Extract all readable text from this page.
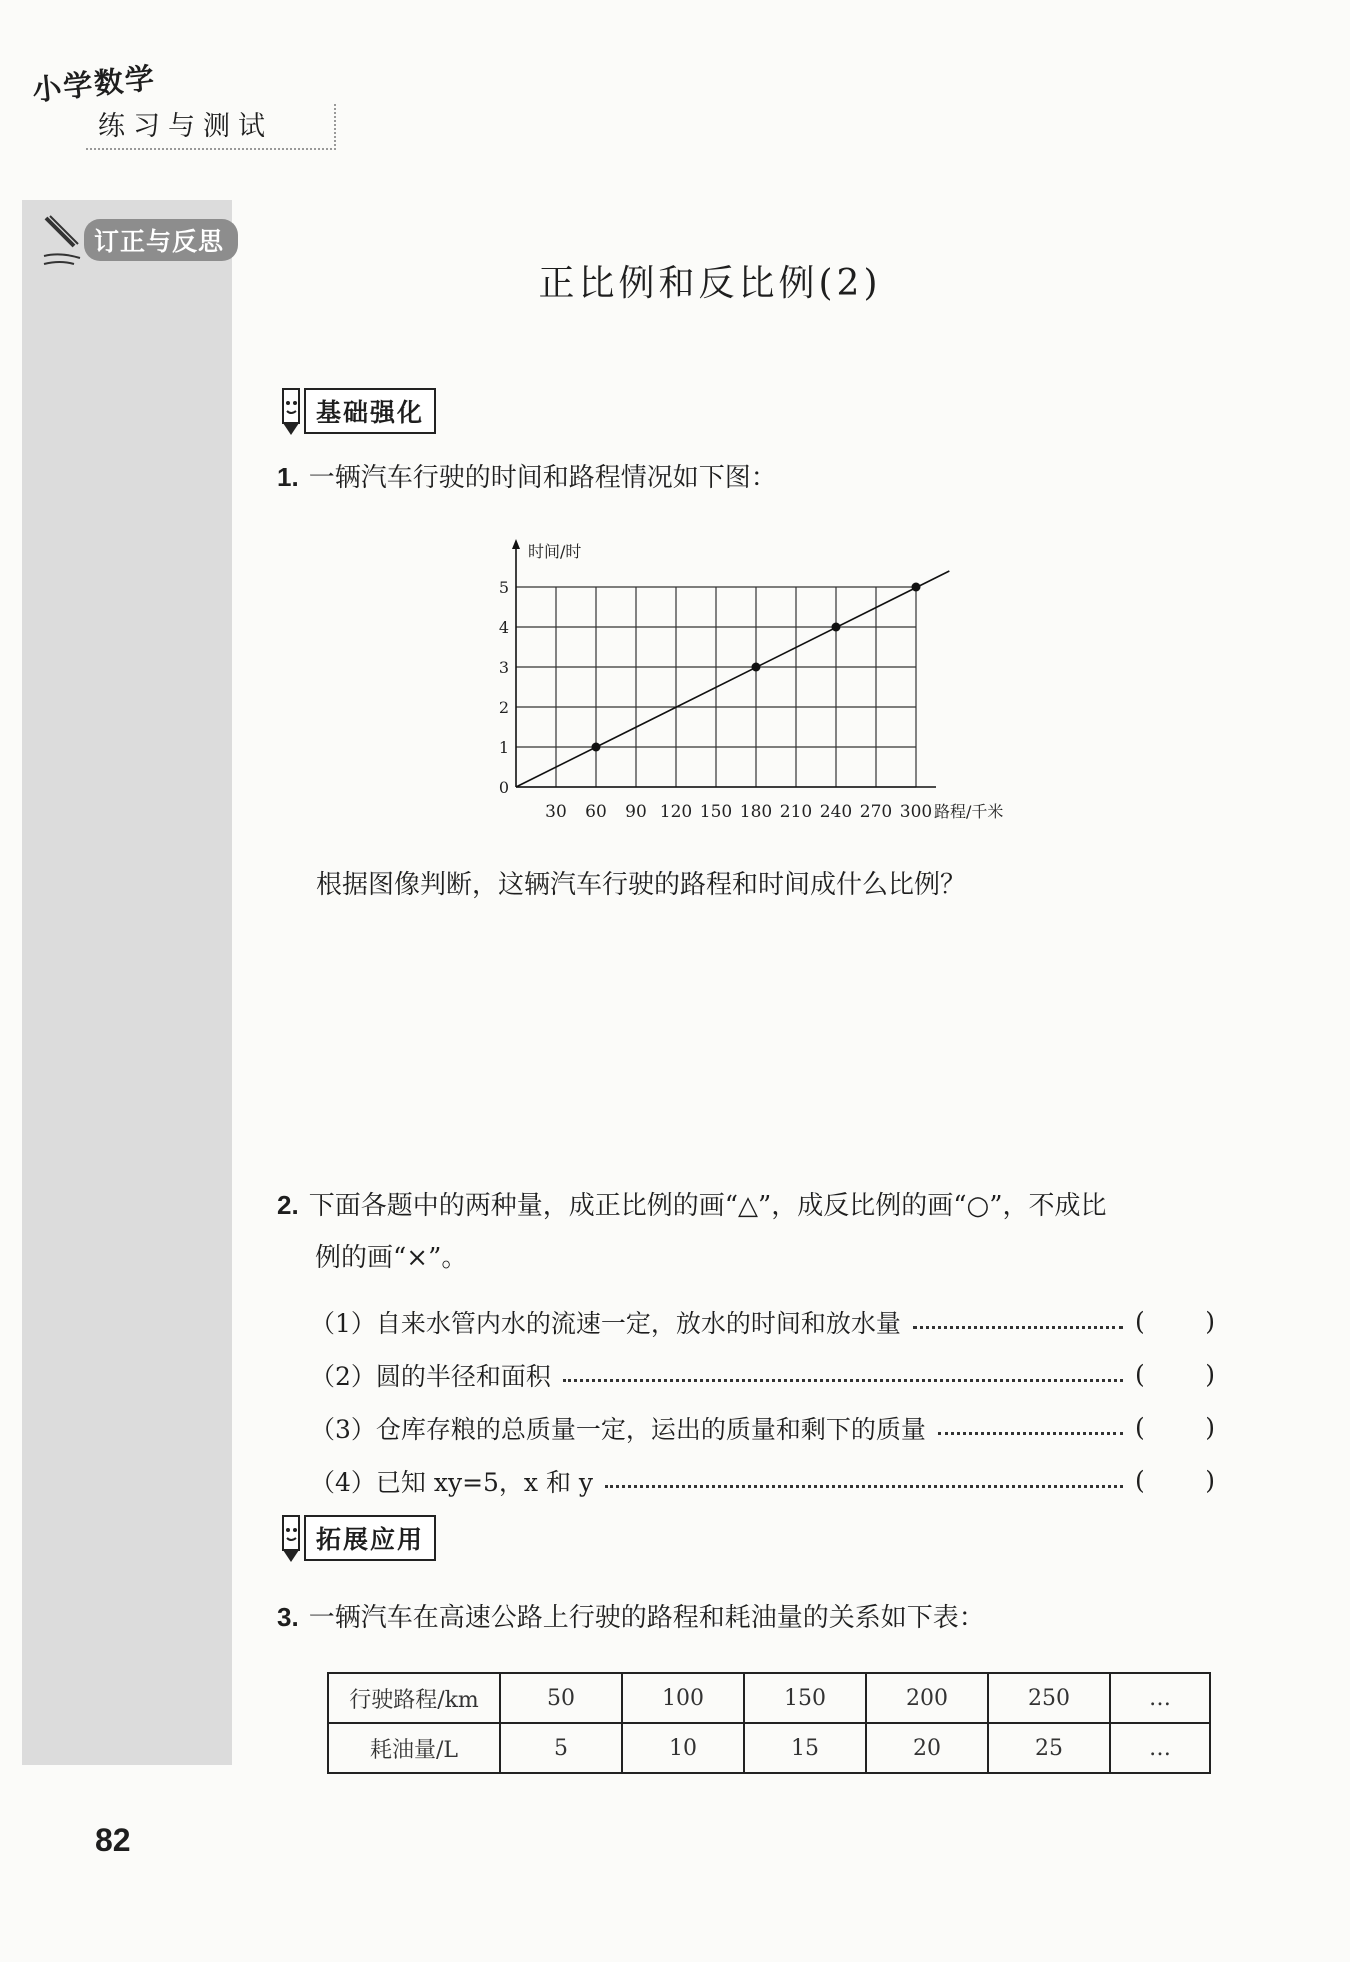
小学数学
练习与测试
订正与反思
正比例和反比例(2)
基础强化
1. 一辆汽车行驶的时间和路程情况如下图：
30 60 90 120 150 180 210 240 270 300
0
1
2
3
4
5
时间/时
路程/千米
根据图像判断，这辆汽车行驶的路程和时间成什么比例？
2. 下面各题中的两种量，成正比例的画“△”，成反比例的画“○”，不成比
例的画“×”。
（1）自来水管内水的流速一定，放水的时间和放水量	( )
（2）圆的半径和面积	( )
（3）仓库存粮的总质量一定，运出的质量和剩下的质量	( )
（4）已知 xy=5，x 和 y	( )
拓展应用
3. 一辆汽车在高速公路上行驶的路程和耗油量的关系如下表：
行驶路程/km	50	100	150	200	250	…
耗油量/L	5	10	15	20	25	…
82
